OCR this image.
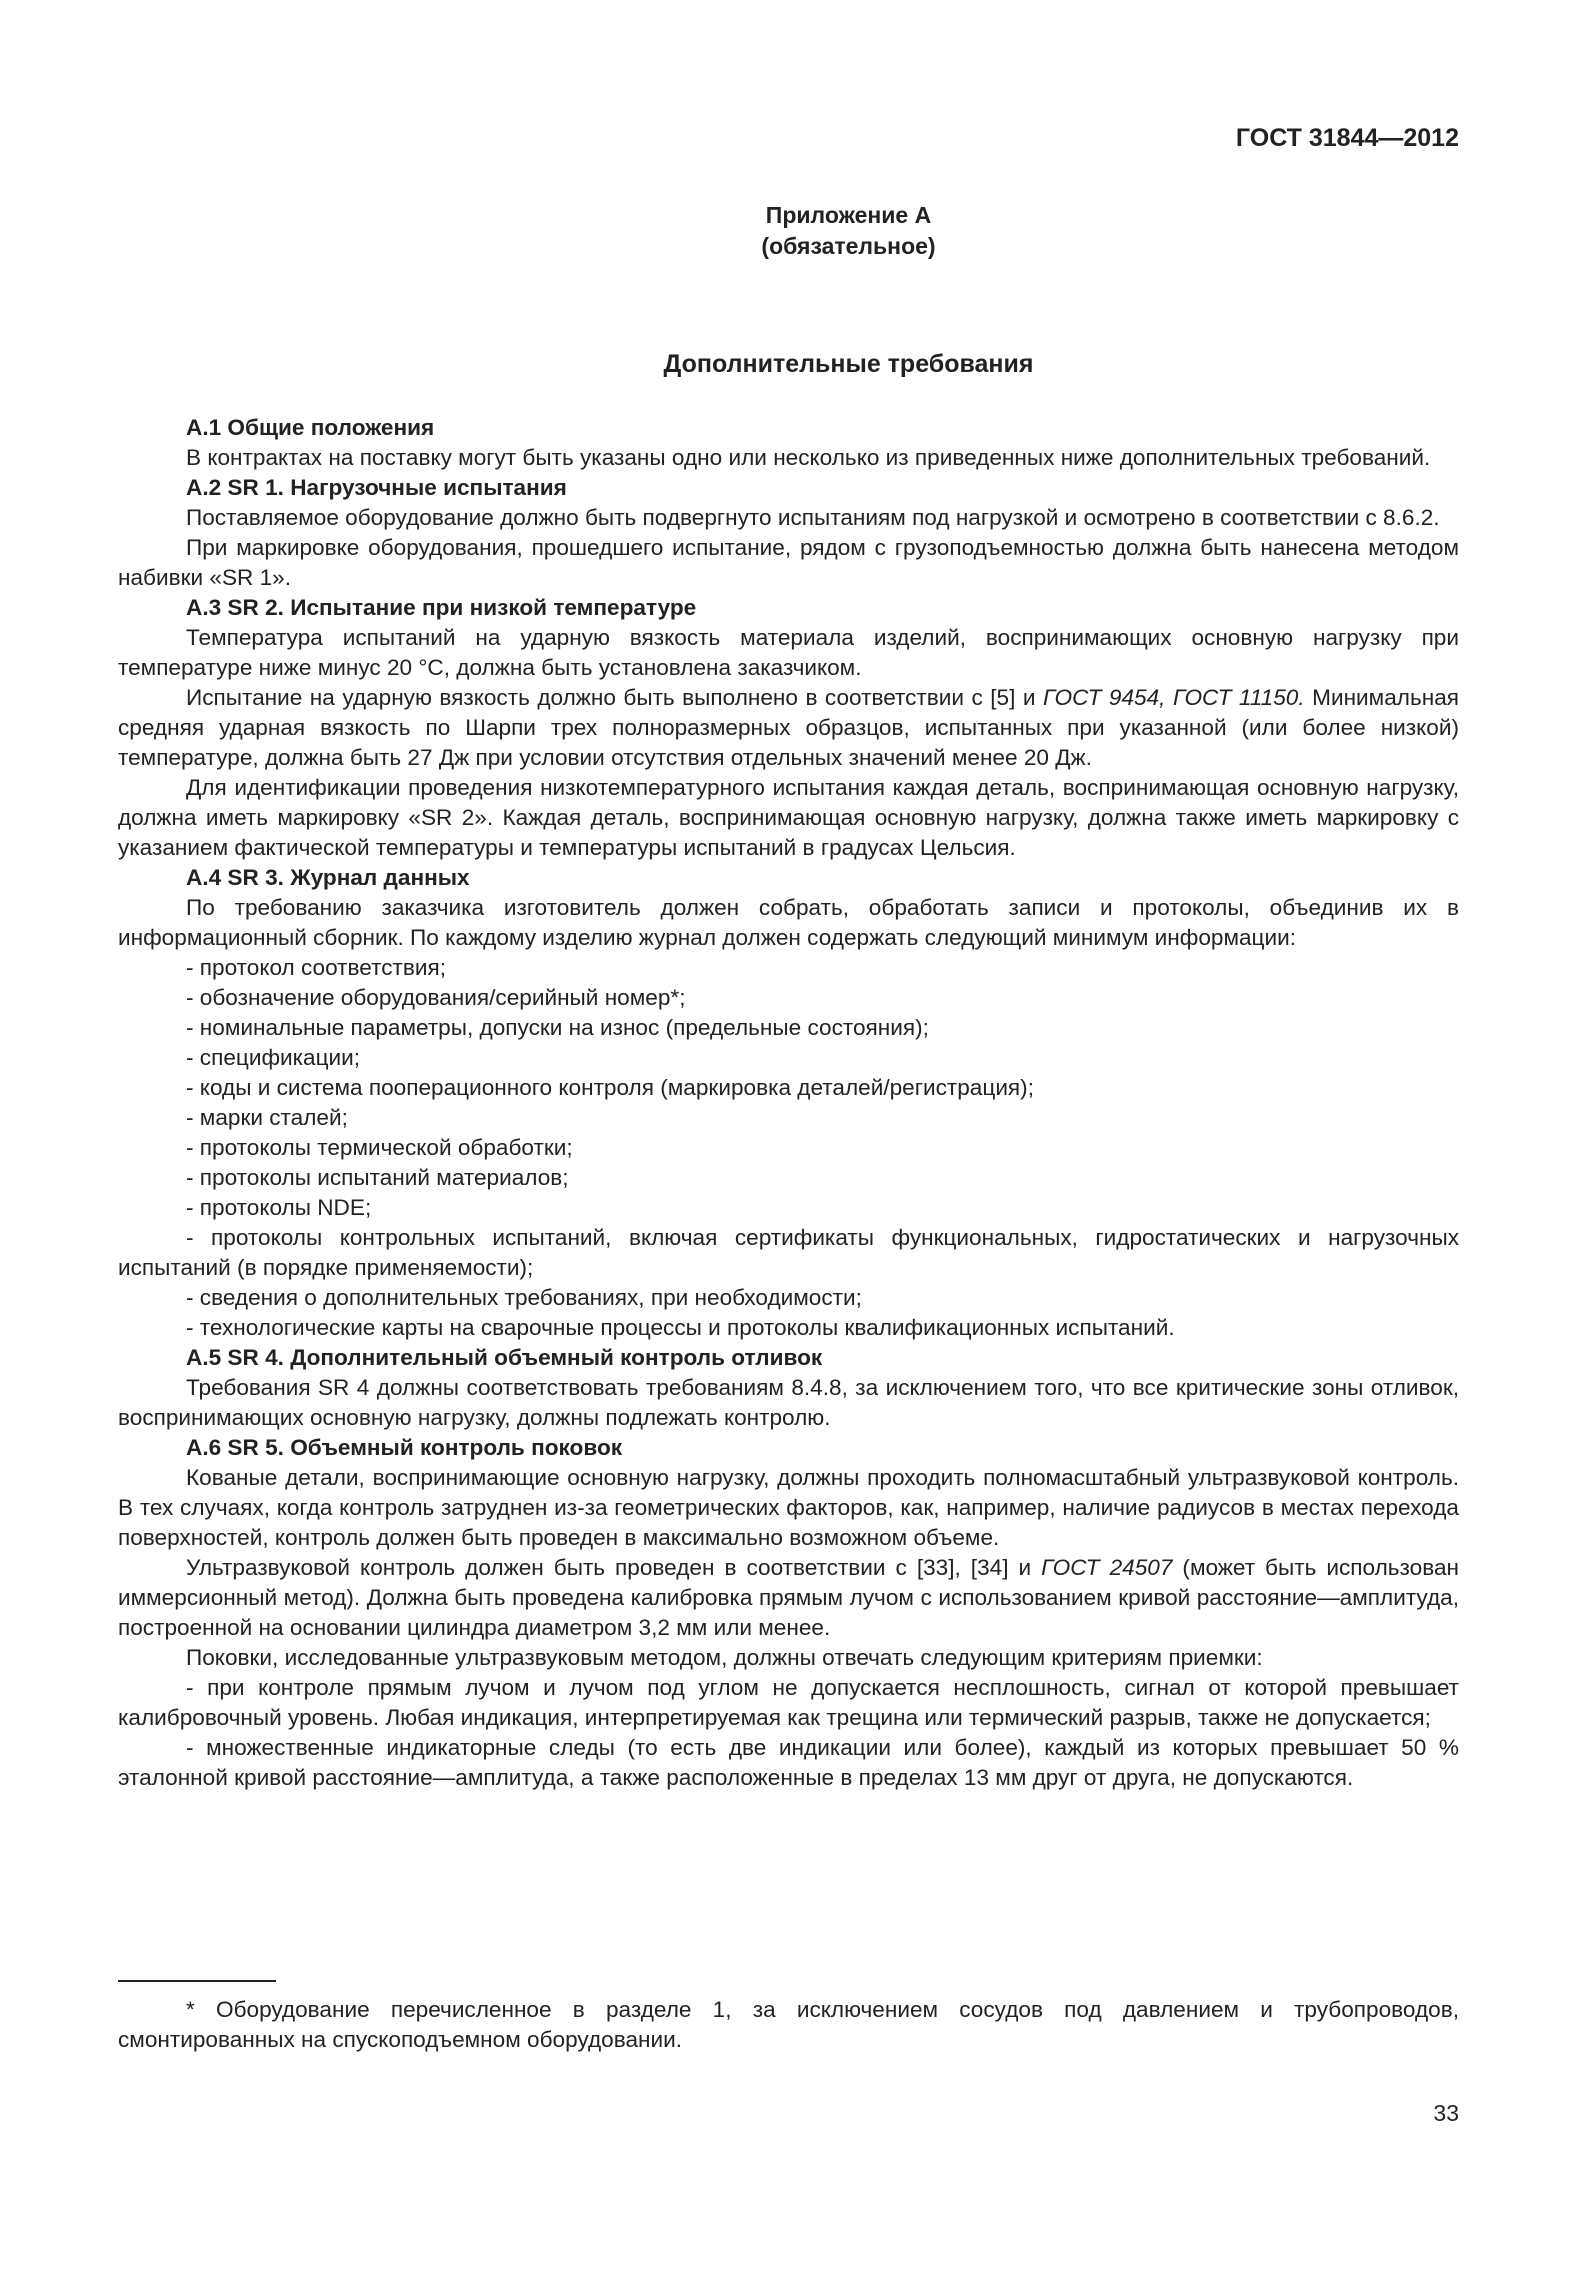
ГОСТ 31844—2012
Приложение А
(обязательное)
Дополнительные требования

А.1 Общие положения

В контрактах на поставку могут быть указаны одно или несколько из приведенных ниже дополнительных требований.

А.2 SR 1. Нагрузочные испытания

Поставляемое оборудование должно быть подвергнуто испытаниям под нагрузкой и осмотрено в соответствии с 8.6.2.

При маркировке оборудования, прошедшего испытание, рядом с грузоподъемностью должна быть нанесена методом набивки «SR 1».

А.3 SR 2. Испытание при низкой температуре

Температура испытаний на ударную вязкость материала изделий, воспринимающих основную нагрузку при температуре ниже минус 20 °С, должна быть установлена заказчиком.

Испытание на ударную вязкость должно быть выполнено в соответствии с [5] и ГОСТ 9454, ГОСТ 11150. Минимальная средняя ударная вязкость по Шарпи трех полноразмерных образцов, испытанных при указанной (или более низкой) температуре, должна быть 27 Дж при условии отсутствия отдельных значений менее 20 Дж.

Для идентификации проведения низкотемпературного испытания каждая деталь, воспринимающая основную нагрузку, должна иметь маркировку «SR 2». Каждая деталь, воспринимающая основную нагрузку, должна также иметь маркировку с указанием фактической температуры и температуры испытаний в градусах Цельсия.

А.4 SR 3. Журнал данных

По требованию заказчика изготовитель должен собрать, обработать записи и протоколы, объединив их в информационный сборник. По каждому изделию журнал должен содержать следующий минимум информации:

- протокол соответствия;

- обозначение оборудования/серийный номер*;

- номинальные параметры, допуски на износ (предельные состояния);

- спецификации;

- коды и система пооперационного контроля (маркировка деталей/регистрация);

- марки сталей;

- протоколы термической обработки;

- протоколы испытаний материалов;

- протоколы NDE;

- протоколы контрольных испытаний, включая сертификаты функциональных, гидростатических и нагрузочных испытаний (в порядке применяемости);

- сведения о дополнительных требованиях, при необходимости;

- технологические карты на сварочные процессы и протоколы квалификационных испытаний.

А.5 SR 4. Дополнительный объемный контроль отливок

Требования SR 4 должны соответствовать требованиям 8.4.8, за исключением того, что все критические зоны отливок, воспринимающих основную нагрузку, должны подлежать контролю.

А.6 SR 5. Объемный контроль поковок

Кованые детали, воспринимающие основную нагрузку, должны проходить полномасштабный ультразвуковой контроль. В тех случаях, когда контроль затруднен из-за геометрических факторов, как, например, наличие радиусов в местах перехода поверхностей, контроль должен быть проведен в максимально возможном объеме.

Ультразвуковой контроль должен быть проведен в соответствии с [33], [34] и ГОСТ 24507 (может быть использован иммерсионный метод). Должна быть проведена калибровка прямым лучом с использованием кривой расстояние—амплитуда, построенной на основании цилиндра диаметром 3,2 мм или менее.

Поковки, исследованные ультразвуковым методом, должны отвечать следующим критериям приемки:

- при контроле прямым лучом и лучом под углом не допускается несплошность, сигнал от которой превышает калибровочный уровень. Любая индикация, интерпретируемая как трещина или термический разрыв, также не допускается;

- множественные индикаторные следы (то есть две индикации или более), каждый из которых превышает 50 % эталонной кривой расстояние—амплитуда, а также расположенные в пределах 13 мм друг от друга, не допускаются.

* Оборудование перечисленное в разделе 1, за исключением сосудов под давлением и трубопроводов, смонтированных на спускоподъемном оборудовании.
33
